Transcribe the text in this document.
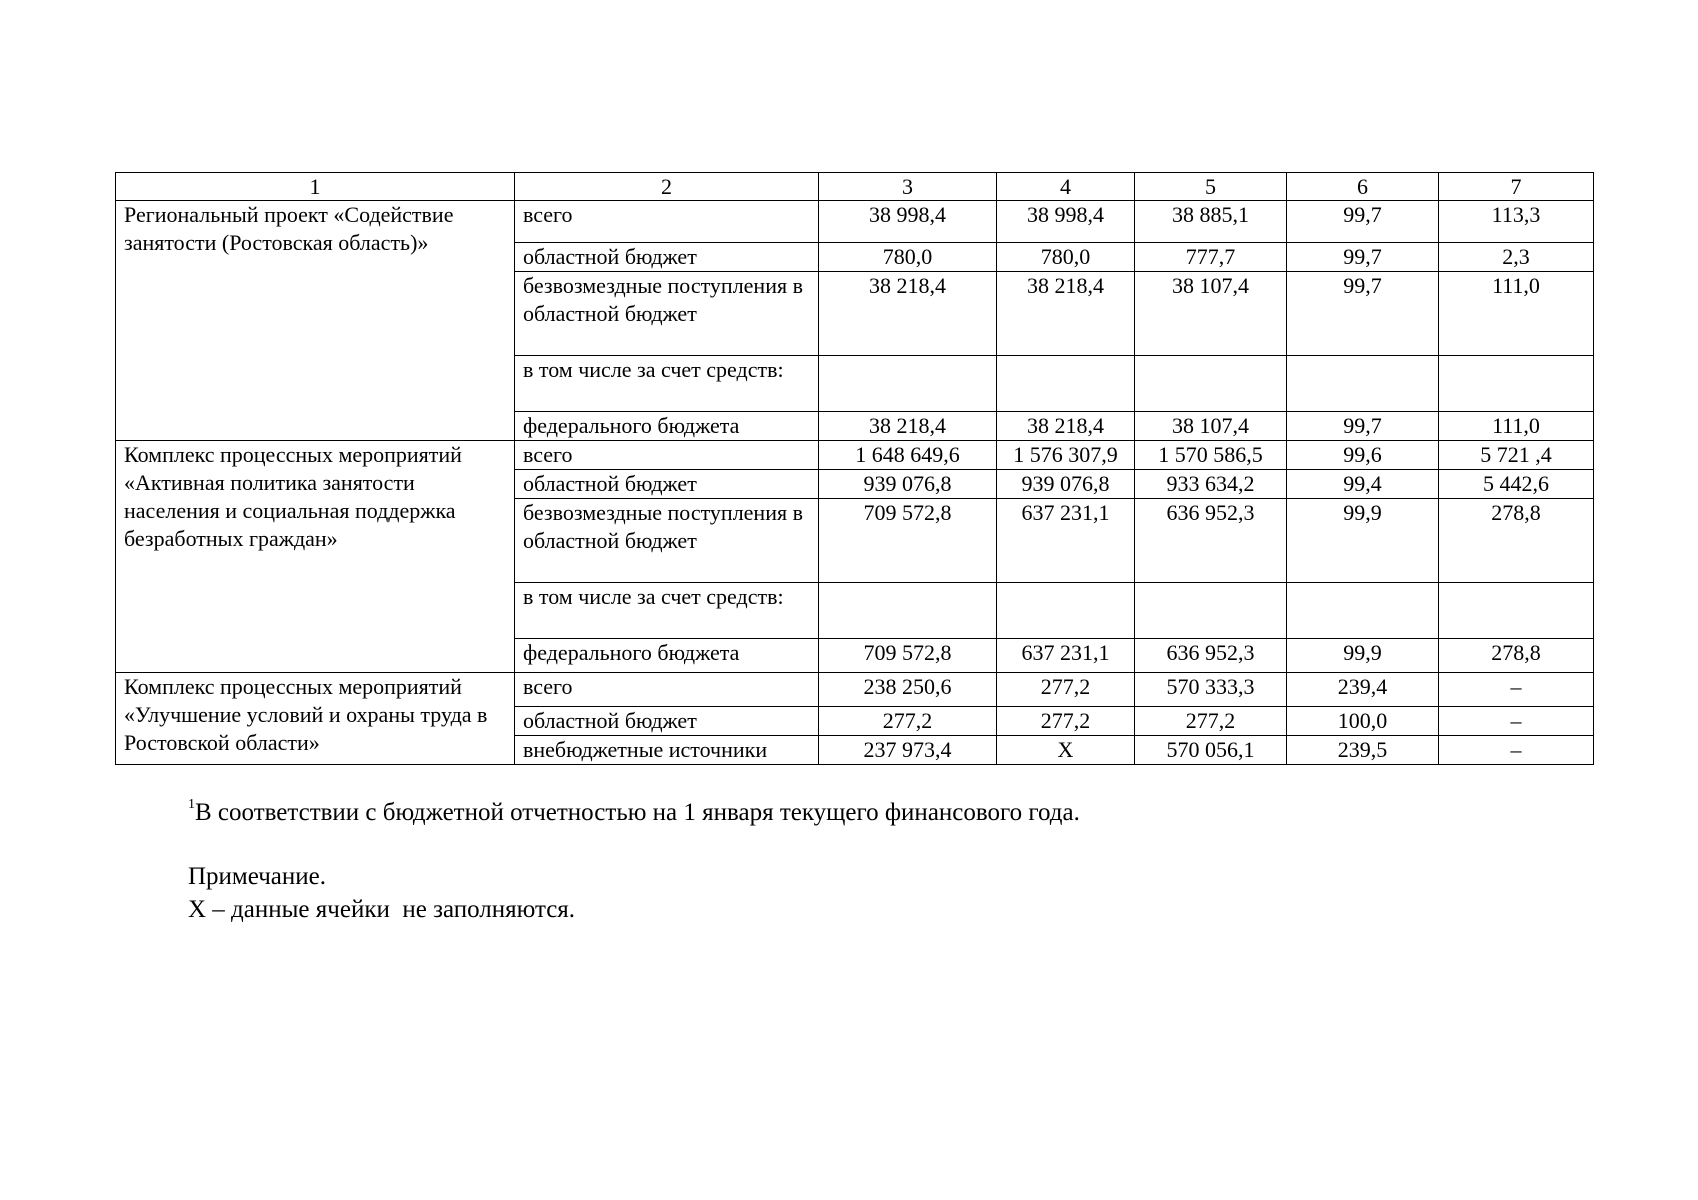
1	2	3	4	5	6	7
Региональный проект «Содействие занятости (Ростовская область)»	всего	38 998,4	38 998,4	38 885,1	99,7	113,3
	областной бюджет	780,0	780,0	777,7	99,7	2,3
	безвозмездные поступления в областной бюджет	38 218,4	38 218,4	38 107,4	99,7	111,0
	в том числе за счет средств:					
	федерального бюджета	38 218,4	38 218,4	38 107,4	99,7	111,0
Комплекс процессных мероприятий «Активная политика занятости населения и социальная поддержка безработных граждан»	всего	1 648 649,6	1 576 307,9	1 570 586,5	99,6	5 721 ,4
	областной бюджет	939 076,8	939 076,8	933 634,2	99,4	5 442,6
	безвозмездные поступления в областной бюджет	709 572,8	637 231,1	636 952,3	99,9	278,8
	в том числе за счет средств:					
	федерального бюджета	709 572,8	637 231,1	636 952,3	99,9	278,8
Комплекс процессных мероприятий «Улучшение условий и охраны труда в Ростовской области»	всего	238 250,6	277,2	570 333,3	239,4	–
	областной бюджет	277,2	277,2	277,2	100,0	–
	внебюджетные источники	237 973,4	Х	570 056,1	239,5	–
$^1$В соответствии с бюджетной отчетностью на 1 января текущего финансового года.
Примечание.
Х – данные ячейки  не заполняются.
